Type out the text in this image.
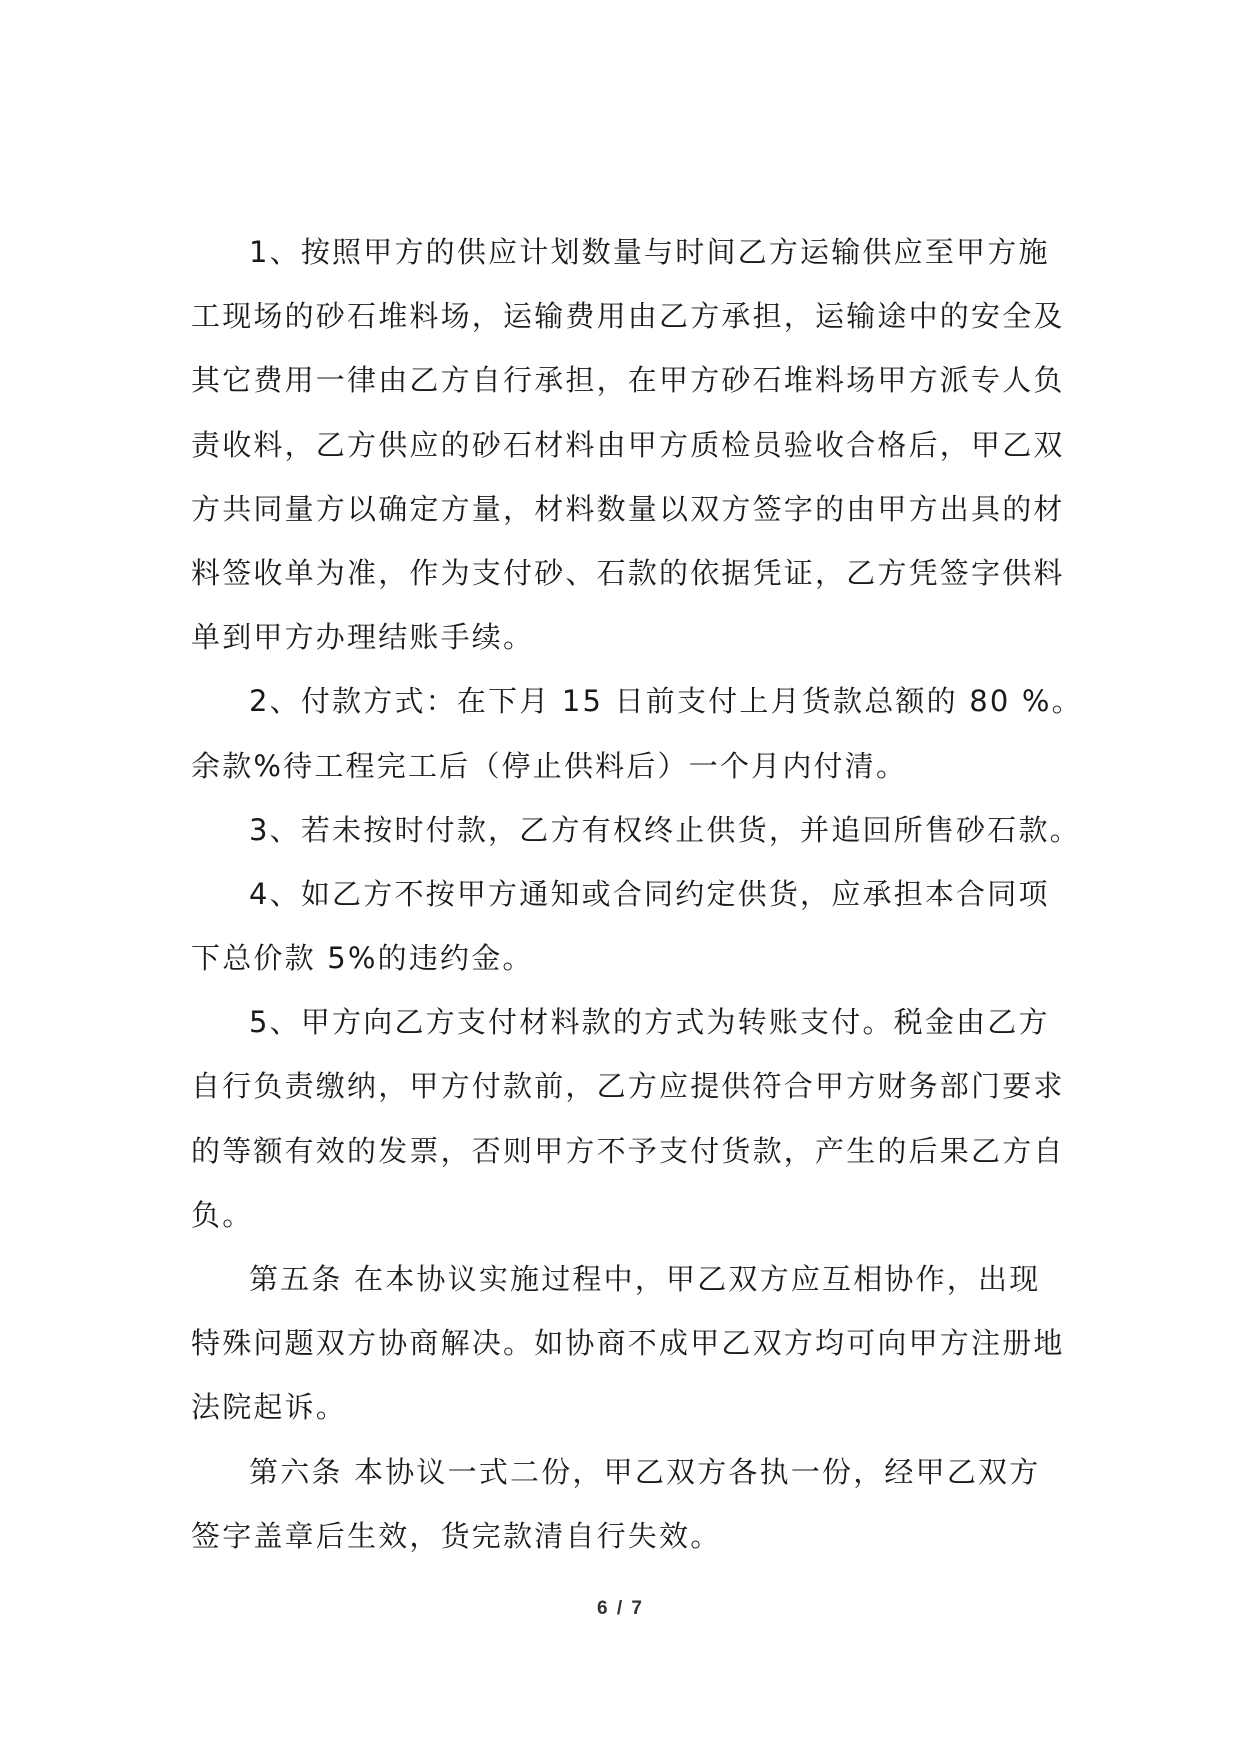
1、按照甲方的供应计划数量与时间乙方运输供应至甲方施
工现场的砂石堆料场，运输费用由乙方承担，运输途中的安全及
其它费用一律由乙方自行承担，在甲方砂石堆料场甲方派专人负
责收料，乙方供应的砂石材料由甲方质检员验收合格后，甲乙双
方共同量方以确定方量，材料数量以双方签字的由甲方出具的材
料签收单为准，作为支付砂、石款的依据凭证，乙方凭签字供料
单到甲方办理结账手续。
2、付款方式：在下月 15 日前支付上月货款总额的 80 %。
余款%待工程完工后（停止供料后）一个月内付清。
3、若未按时付款，乙方有权终止供货，并追回所售砂石款。
4、如乙方不按甲方通知或合同约定供货，应承担本合同项
下总价款 5%的违约金。
5、甲方向乙方支付材料款的方式为转账支付。税金由乙方
自行负责缴纳，甲方付款前，乙方应提供符合甲方财务部门要求
的等额有效的发票，否则甲方不予支付货款，产生的后果乙方自
负。
第五条 在本协议实施过程中，甲乙双方应互相协作，出现
特殊问题双方协商解决。如协商不成甲乙双方均可向甲方注册地
法院起诉。
第六条 本协议一式二份，甲乙双方各执一份，经甲乙双方
签字盖章后生效，货完款清自行失效。
6 / 7
